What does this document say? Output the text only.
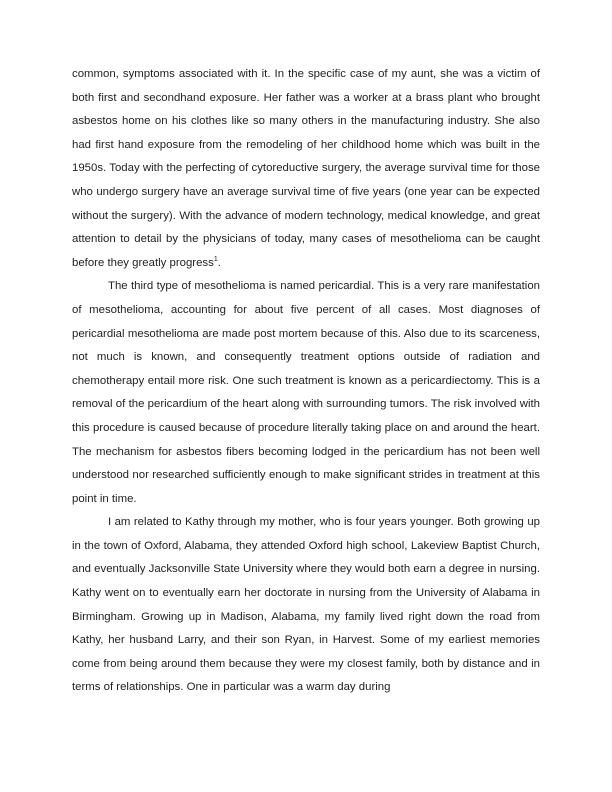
common, symptoms associated with it. In the specific case of my aunt, she was a victim of both first and secondhand exposure. Her father was a worker at a brass plant who brought asbestos home on his clothes like so many others in the manufacturing industry. She also had first hand exposure from the remodeling of her childhood home which was built in the 1950s. Today with the perfecting of cytoreductive surgery, the average survival time for those who undergo surgery have an average survival time of five years (one year can be expected without the surgery). With the advance of modern technology, medical knowledge, and great attention to detail by the physicians of today, many cases of mesothelioma can be caught before they greatly progress$^1$.

The third type of mesothelioma is named pericardial. This is a very rare manifestation of mesothelioma, accounting for about five percent of all cases. Most diagnoses of pericardial mesothelioma are made post mortem because of this. Also due to its scarceness, not much is known, and consequently treatment options outside of radiation and chemotherapy entail more risk. One such treatment is known as a pericardiectomy. This is a removal of the pericardium of the heart along with surrounding tumors. The risk involved with this procedure is caused because of procedure literally taking place on and around the heart. The mechanism for asbestos fibers becoming lodged in the pericardium has not been well understood nor researched sufficiently enough to make significant strides in treatment at this point in time.

I am related to Kathy through my mother, who is four years younger. Both growing up in the town of Oxford, Alabama, they attended Oxford high school, Lakeview Baptist Church, and eventually Jacksonville State University where they would both earn a degree in nursing. Kathy went on to eventually earn her doctorate in nursing from the University of Alabama in Birmingham. Growing up in Madison, Alabama, my family lived right down the road from Kathy, her husband Larry, and their son Ryan, in Harvest. Some of my earliest memories come from being around them because they were my closest family, both by distance and in terms of relationships. One in particular was a warm day during
